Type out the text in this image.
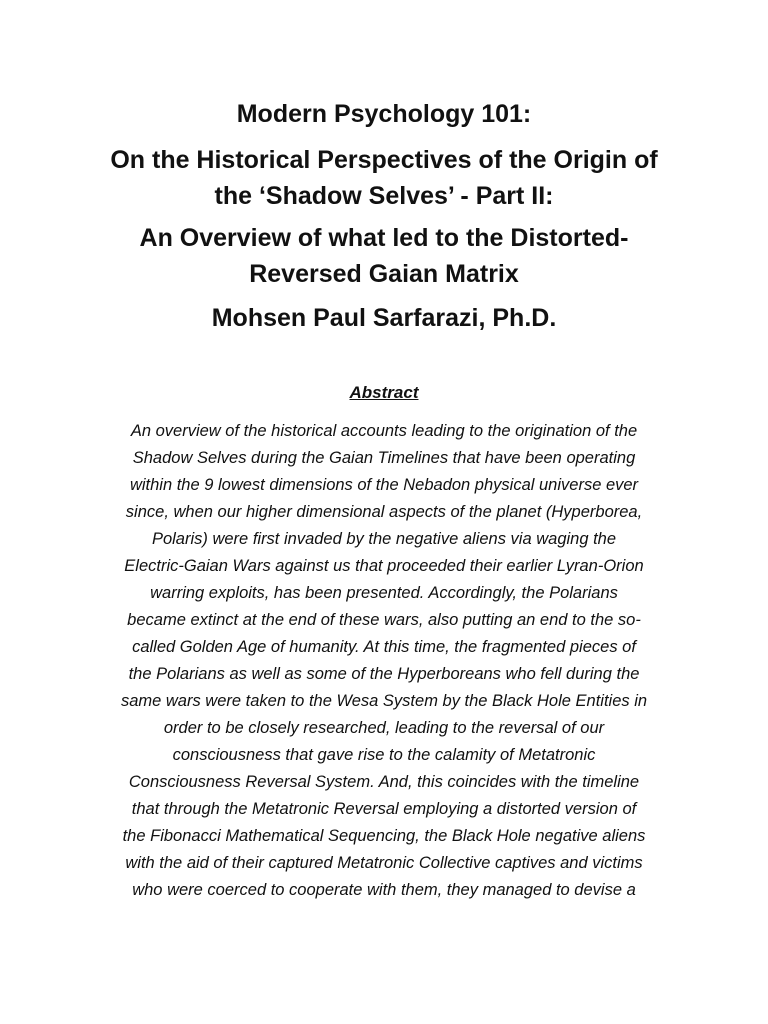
Modern Psychology 101:

On the Historical Perspectives of the Origin of

the ‘Shadow Selves’ - Part II:

An Overview of what led to the Distorted-

Reversed Gaian Matrix

Mohsen Paul Sarfarazi, Ph.D.

Abstract

An overview of the historical accounts leading to the origination of the
Shadow Selves during the Gaian Timelines that have been operating
within the 9 lowest dimensions of the Nebadon physical universe ever
since, when our higher dimensional aspects of the planet (Hyperborea,
Polaris) were first invaded by the negative aliens via waging the
Electric-Gaian Wars against us that proceeded their earlier Lyran-Orion
warring exploits, has been presented. Accordingly, the Polarians
became extinct at the end of these wars, also putting an end to the so-
called Golden Age of humanity. At this time, the fragmented pieces of
the Polarians as well as some of the Hyperboreans who fell during the
same wars were taken to the Wesa System by the Black Hole Entities in
order to be closely researched, leading to the reversal of our
consciousness that gave rise to the calamity of Metatronic
Consciousness Reversal System. And, this coincides with the timeline
that through the Metatronic Reversal employing a distorted version of
the Fibonacci Mathematical Sequencing, the Black Hole negative aliens
with the aid of their captured Metatronic Collective captives and victims
who were coerced to cooperate with them, they managed to devise a
